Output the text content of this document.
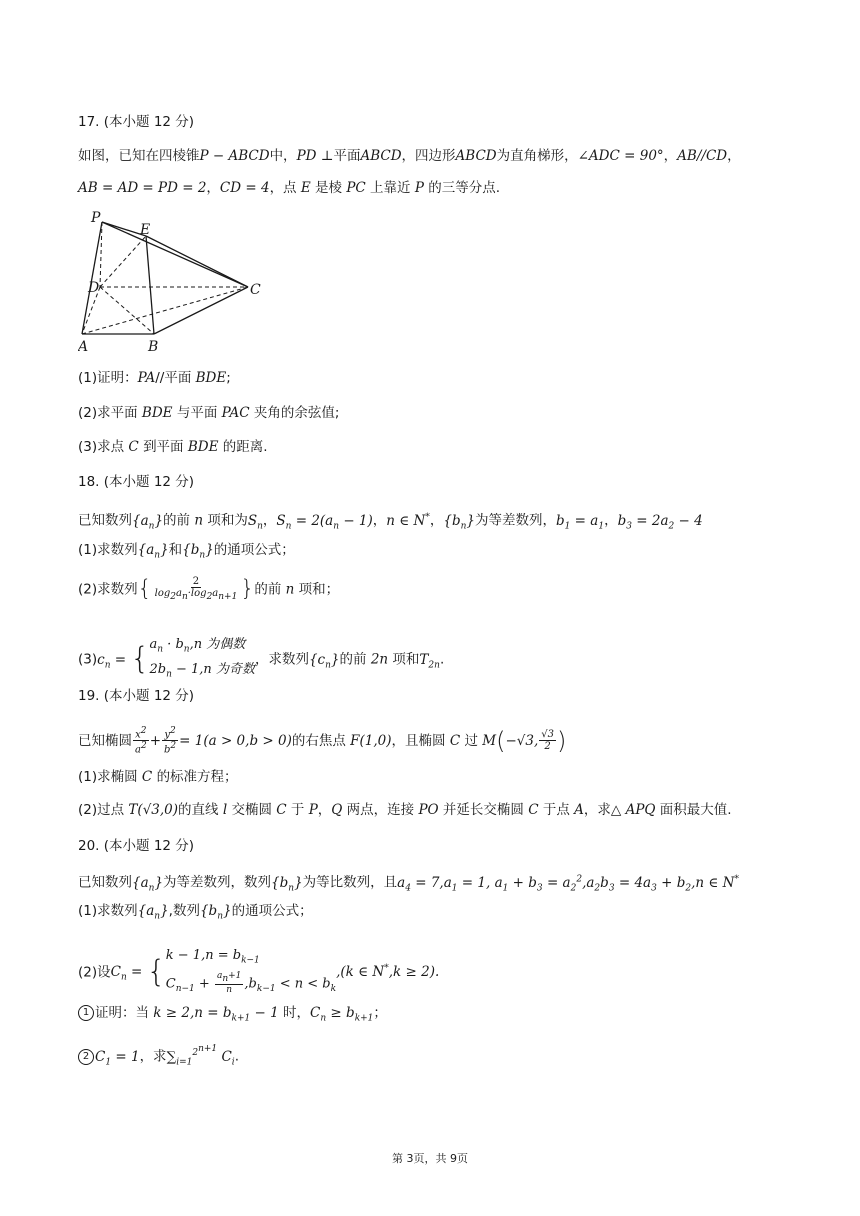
17. (本小题 12 分)
如图，已知在四棱锥P − ABCD中，PD ⊥平面ABCD，四边形ABCD为直角梯形，∠ADC = 90°，AB//CD，
AB = AD = PD = 2，CD = 4，点 E 是棱 PC 上靠近 P 的三等分点.
P
E
D	C
A	B
(1)证明：PA//平面 BDE;
(2)求平面 BDE 与平面 PAC 夹角的余弦值;
(3)求点 C 到平面 BDE 的距离.
18. (本小题 12 分)
已知数列$\{a_n\}$的前 n 项和为$S_n$，$S_n = 2(a_n - 1)$，n ∈ N*，$\{b_n\}$为等差数列，$b_1 = a_1$，$b_3 = 2a_2 - 4$
(1)求数列$\{a_n\}$和$\{b_n\}$的通项公式；
(2)求数列{ $\frac{2}{\log_2a_n\cdot\log_2a_{n+1}}$ }的前 n 项和；
$(3)c_n$ = { $a_n \cdot b_n,n$ 为偶数
$2b_n - 1,n$ 为奇数
，求数列$\{c_n\}$的前 2n 项和$T_{2n}$.
19. (本小题 12 分)
已知椭圆 $\frac{x^2}{a^2} + \frac{y^2}{b^2} = 1(a > 0,b > 0)$的右焦点 F(1,0)，且椭圆 C 过 M(−√3, $\frac{√3}{2}$ )
(1)求椭圆 C 的标准方程；
(2)过点 T(√3,0)的直线 l 交椭圆 C 于 P，Q 两点，连接 PO 并延长交椭圆 C 于点 A，求△ APQ 面积最大值.
20. (本小题 12 分)
已知数列$\{a_n\}$为等差数列，数列$\{b_n\}$为等比数列，且$a_4 = 7,a_1 = 1$, $a_1 + b_3 = a_2^2,a_2b_3 = 4a_3 + b_2,n$ ∈ N*
(1)求数列$\{a_n\}$,数列$\{b_n\}$的通项公式；
(2)设$C_n$ = { $k - 1,n = b_{k-1}$
$C_{n-1} + \frac{a_n+1}{n} ,b_{k-1} < n < b_k$
,(k ∈ N*,k ≥ 2).
1 证明：当 $k \ge 2,n = b_{k+1} - 1$ 时，$C_n \ge b_{k+1}$；
2 $C_1 = 1$，求$\sum_{i=1}^{2^{n+1}}$ $C_i$.
第 3页，共 9页
